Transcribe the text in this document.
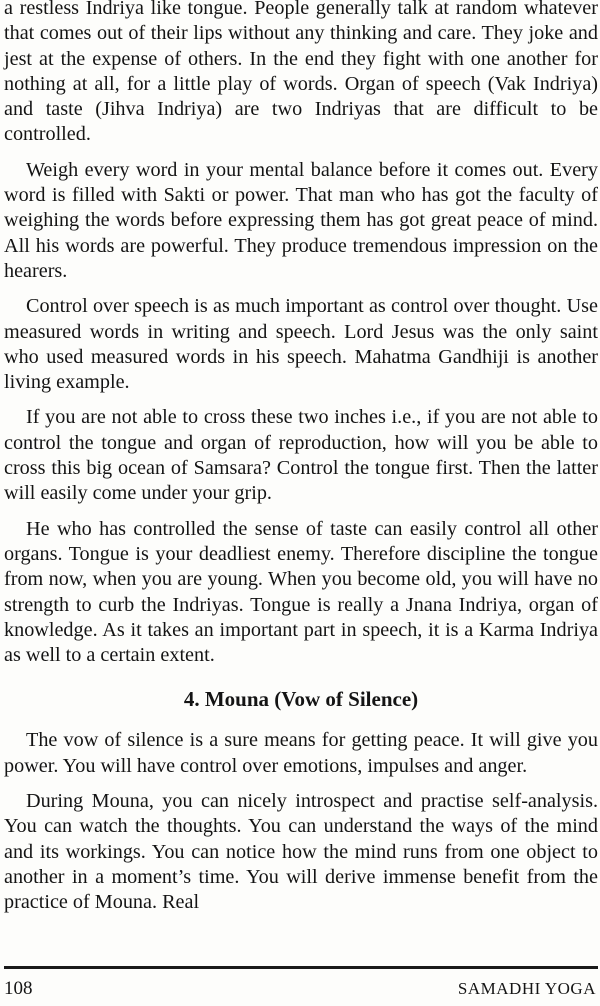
a restless Indriya like tongue. People generally talk at random whatever that comes out of their lips without any thinking and care. They joke and jest at the expense of others. In the end they fight with one another for nothing at all, for a little play of words. Organ of speech (Vak Indriya) and taste (Jihva Indriya) are two Indriyas that are difficult to be controlled.

Weigh every word in your mental balance before it comes out. Every word is filled with Sakti or power. That man who has got the faculty of weighing the words before expressing them has got great peace of mind. All his words are powerful. They produce tremendous impression on the hearers.

Control over speech is as much important as control over thought. Use measured words in writing and speech. Lord Jesus was the only saint who used measured words in his speech. Mahatma Gandhiji is another living example.

If you are not able to cross these two inches i.e., if you are not able to control the tongue and organ of reproduction, how will you be able to cross this big ocean of Samsara? Control the tongue first. Then the latter will easily come under your grip.

He who has controlled the sense of taste can easily control all other organs. Tongue is your deadliest enemy. Therefore discipline the tongue from now, when you are young. When you become old, you will have no strength to curb the Indriyas. Tongue is really a Jnana Indriya, organ of knowledge. As it takes an important part in speech, it is a Karma Indriya as well to a certain extent.

4. Mouna (Vow of Silence)

The vow of silence is a sure means for getting peace. It will give you power. You will have control over emotions, impulses and anger.

During Mouna, you can nicely introspect and practise self-analysis. You can watch the thoughts. You can understand the ways of the mind and its workings. You can notice how the mind runs from one object to another in a moment’s time. You will derive immense benefit from the practice of Mouna. Real

108	SAMADHI YOGA
